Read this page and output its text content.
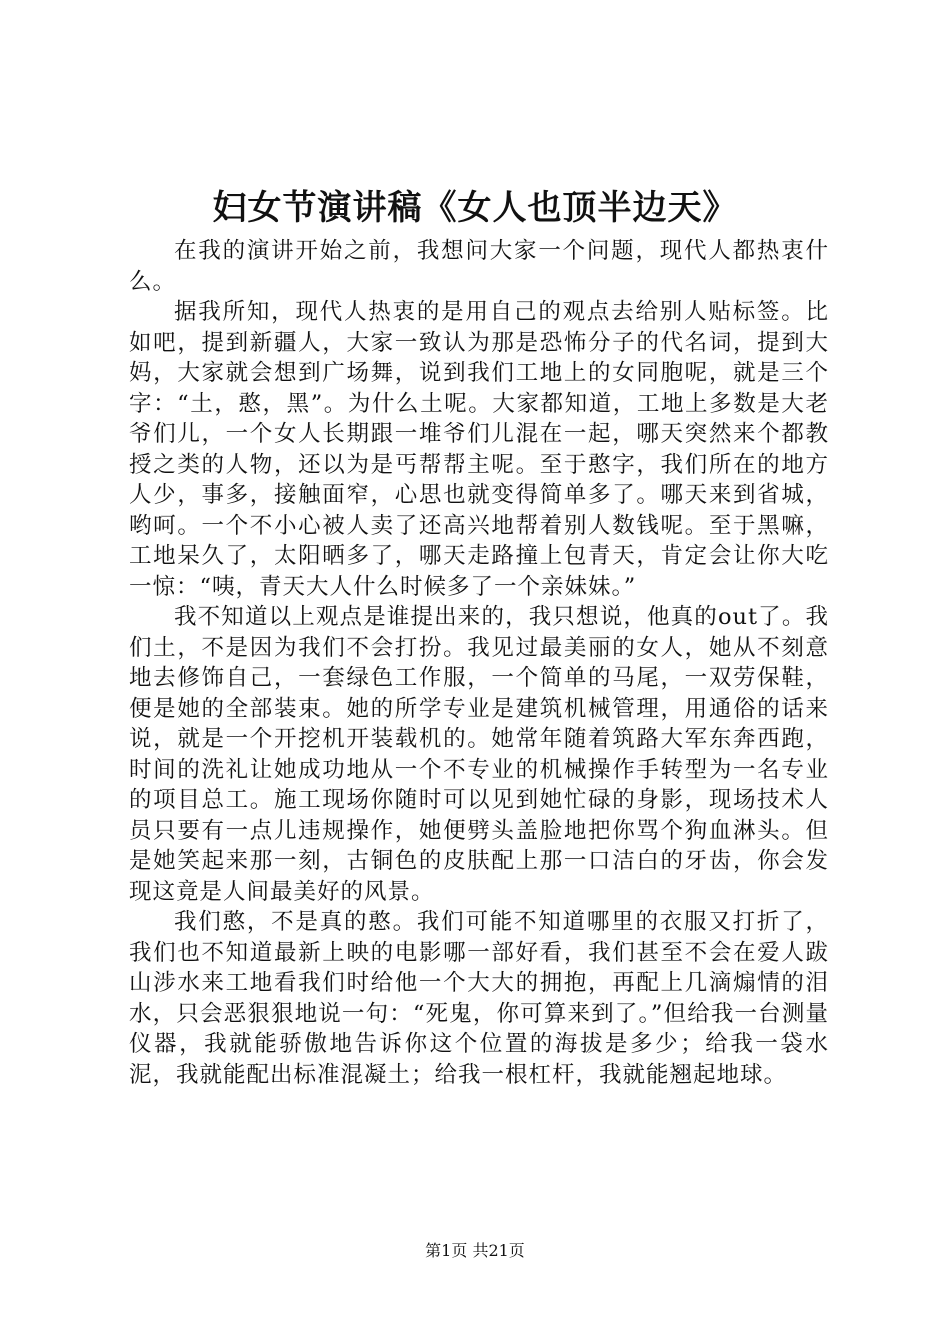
妇女节演讲稿《女人也顶半边天》

在我的演讲开始之前，我想问大家一个问题，现代人都热衷什么。

据我所知，现代人热衷的是用自己的观点去给别人贴标签。比如吧，提到新疆人，大家一致认为那是恐怖分子的代名词，提到大妈，大家就会想到广场舞，说到我们工地上的女同胞呢，就是三个字：“土，憨，黑”。为什么土呢。大家都知道，工地上多数是大老爷们儿，一个女人长期跟一堆爷们儿混在一起，哪天突然来个都教授之类的人物，还以为是丐帮帮主呢。至于憨字，我们所在的地方人少，事多，接触面窄，心思也就变得简单多了。哪天来到省城，哟呵。一个不小心被人卖了还高兴地帮着别人数钱呢。至于黑嘛，工地呆久了，太阳晒多了，哪天走路撞上包青天，肯定会让你大吃一惊：“咦，青天大人什么时候多了一个亲妹妹。”

我不知道以上观点是谁提出来的，我只想说，他真的out了。我们土，不是因为我们不会打扮。我见过最美丽的女人，她从不刻意地去修饰自己，一套绿色工作服，一个简单的马尾，一双劳保鞋，便是她的全部装束。她的所学专业是建筑机械管理，用通俗的话来说，就是一个开挖机开装载机的。她常年随着筑路大军东奔西跑，时间的洗礼让她成功地从一个不专业的机械操作手转型为一名专业的项目总工。施工现场你随时可以见到她忙碌的身影，现场技术人员只要有一点儿违规操作，她便劈头盖脸地把你骂个狗血淋头。但是她笑起来那一刻，古铜色的皮肤配上那一口洁白的牙齿，你会发现这竟是人间最美好的风景。

我们憨，不是真的憨。我们可能不知道哪里的衣服又打折了，我们也不知道最新上映的电影哪一部好看，我们甚至不会在爱人跋山涉水来工地看我们时给他一个大大的拥抱，再配上几滴煽情的泪水，只会恶狠狠地说一句：“死鬼，你可算来到了。”但给我一台测量仪器，我就能骄傲地告诉你这个位置的海拔是多少；给我一袋水泥，我就能配出标准混凝土；给我一根杠杆，我就能翘起地球。

第1页 共21页
